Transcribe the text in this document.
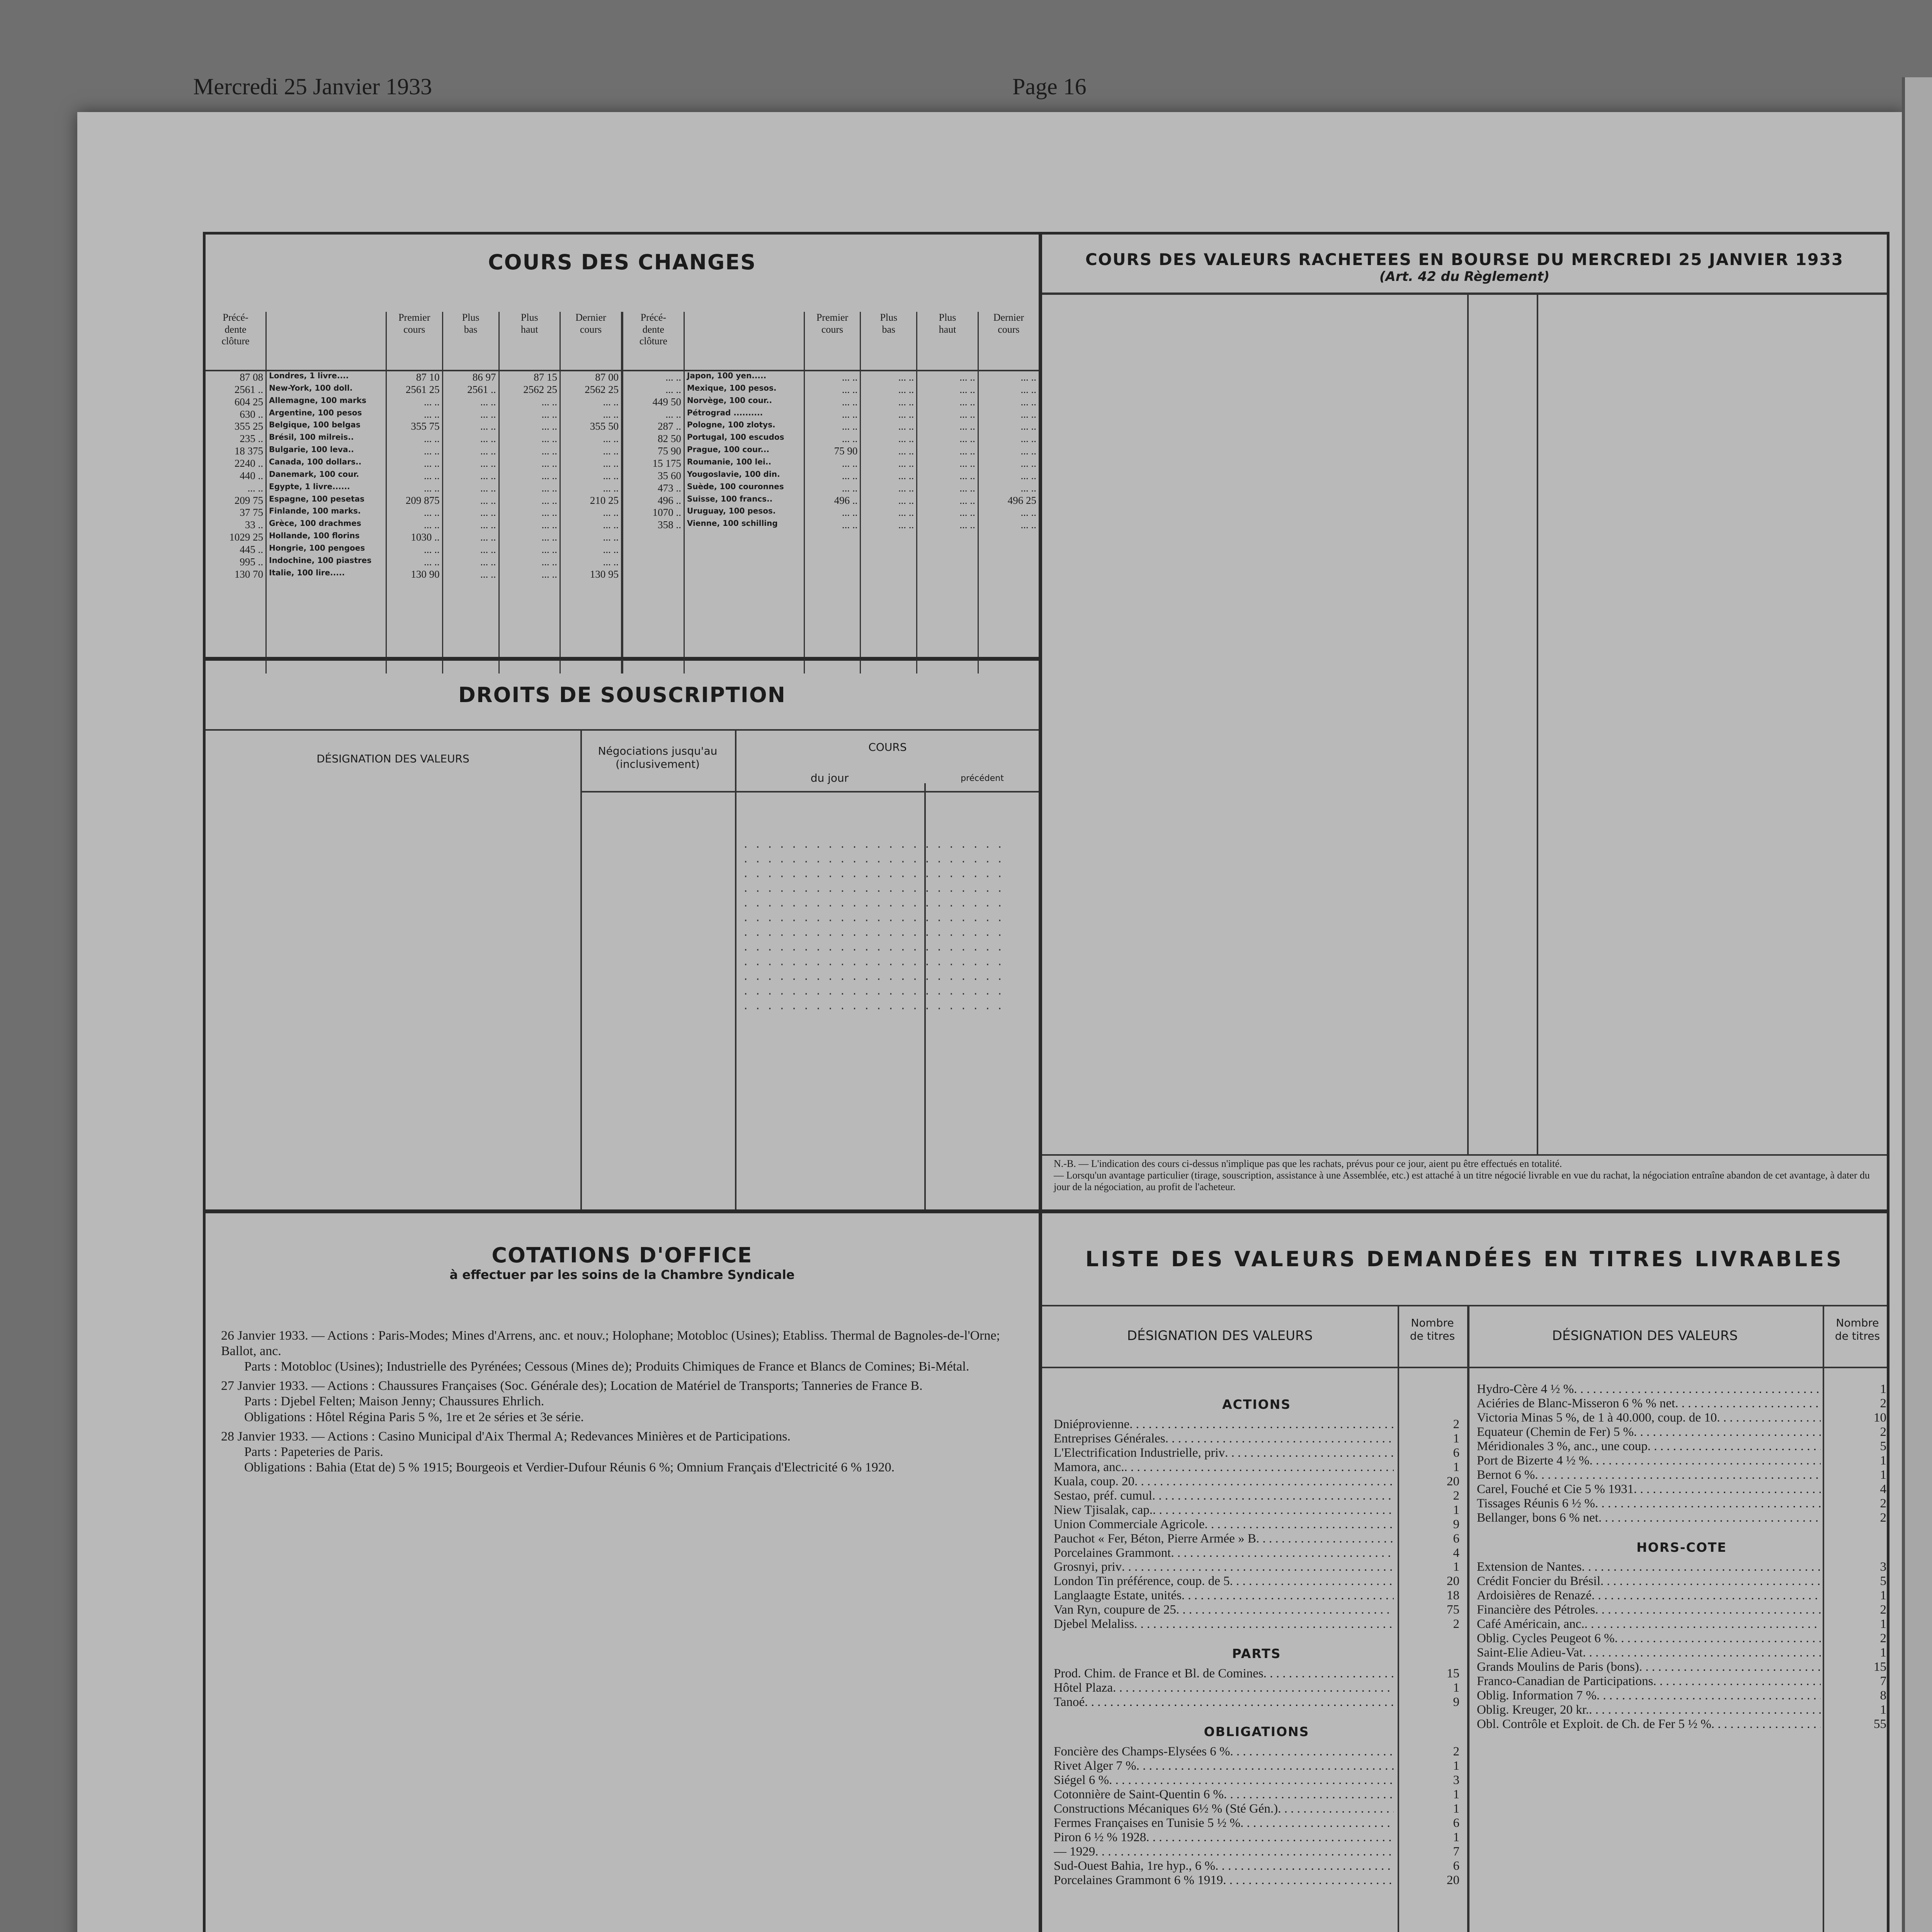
Mercredi 25 Janvier 1933	Page 16
COURS DES CHANGES
Précé-
dente
clôture		Premier
cours	Plus
bas	Plus
haut	Dernier
cours	Précé-
dente
clôture		Premier
cours	Plus
bas	Plus
haut	Dernier
cours
87 08	Londres, 1 livre....	87 10	86 97	87 15	87 00	... ..	Japon, 100 yen.....	... ..	... ..	... ..	... ..
2561 ..	New-York, 100 doll.	2561 25	2561 ..	2562 25	2562 25	... ..	Mexique, 100 pesos.	... ..	... ..	... ..	... ..
604 25	Allemagne, 100 marks	... ..	... ..	... ..	... ..	449 50	Norvège, 100 cour..	... ..	... ..	... ..	... ..
630 ..	Argentine, 100 pesos	... ..	... ..	... ..	... ..	... ..	Pétrograd ..........	... ..	... ..	... ..	... ..
355 25	Belgique, 100 belgas	355 75	... ..	... ..	355 50	287 ..	Pologne, 100 zlotys.	... ..	... ..	... ..	... ..
235 ..	Brésil, 100 milreis..	... ..	... ..	... ..	... ..	82 50	Portugal, 100 escudos	... ..	... ..	... ..	... ..
18 375	Bulgarie, 100 leva..	... ..	... ..	... ..	... ..	75 90	Prague, 100 cour...	75 90	... ..	... ..	... ..
2240 ..	Canada, 100 dollars..	... ..	... ..	... ..	... ..	15 175	Roumanie, 100 lei..	... ..	... ..	... ..	... ..
440 ..	Danemark, 100 cour.	... ..	... ..	... ..	... ..	35 60	Yougoslavie, 100 din.	... ..	... ..	... ..	... ..
... ..	Egypte, 1 livre......	... ..	... ..	... ..	... ..	473 ..	Suède, 100 couronnes	... ..	... ..	... ..	... ..
209 75	Espagne, 100 pesetas	209 875	... ..	... ..	210 25	496 ..	Suisse, 100 francs..	496 ..	... ..	... ..	496 25
37 75	Finlande, 100 marks.	... ..	... ..	... ..	... ..	1070 ..	Uruguay, 100 pesos.	... ..	... ..	... ..	... ..
33 ..	Grèce, 100 drachmes	... ..	... ..	... ..	... ..	358 ..	Vienne, 100 schilling	... ..	... ..	... ..	... ..
1029 25	Hollande, 100 florins	1030 ..	... ..	... ..	... ..						
445 ..	Hongrie, 100 pengoes	... ..	... ..	... ..	... ..						
995 ..	Indochine, 100 piastres	... ..	... ..	... ..	... ..						
130 70	Italie, 100 lire.....	130 90	... ..	... ..	130 95						

DROITS DE SOUSCRIPTION
DÉSIGNATION DES VALEURS
Négociations jusqu'au
(inclusivement)
COURS
du jour	précédent
. . . . . . . . . . . . . . . . . . . . . .
. . . . . . . . . . . . . . . . . . . . . .
. . . . . . . . . . . . . . . . . . . . . .
. . . . . . . . . . . . . . . . . . . . . .
. . . . . . . . . . . . . . . . . . . . . .
. . . . . . . . . . . . . . . . . . . . . .
. . . . . . . . . . . . . . . . . . . . . .
. . . . . . . . . . . . . . . . . . . . . .
. . . . . . . . . . . . . . . . . . . . . .
. . . . . . . . . . . . . . . . . . . . . .
. . . . . . . . . . . . . . . . . . . . . .
. . . . . . . . . . . . . . . . . . . . . .
COURS DES VALEURS RACHETEES EN BOURSE DU MERCREDI 25 JANVIER 1933
(Art. 42 du Règlement)
N.-B. — L'indication des cours ci-dessus n'implique pas que les rachats, prévus pour ce jour, aient pu être effectués en totalité.
— Lorsqu'un avantage particulier (tirage, souscription, assistance à une Assemblée, etc.) est attaché à un titre négocié livrable en vue du rachat, la négociation entraîne abandon de cet avantage, à dater du jour de la négociation, au profit de l'acheteur.
COTATIONS D'OFFICE
à effectuer par les soins de la Chambre Syndicale
26 Janvier 1933. — Actions : Paris-Modes; Mines d'Arrens, anc. et nouv.; Holophane; Motobloc (Usines); Etabliss. Thermal de Bagnoles-de-l'Orne; Ballot, anc.
Parts : Motobloc (Usines); Industrielle des Pyrénées; Cessous (Mines de); Produits Chimiques de France et Blancs de Comines; Bi-Métal.
27 Janvier 1933. — Actions : Chaussures Françaises (Soc. Générale des); Location de Matériel de Transports; Tanneries de France B.
Parts : Djebel Felten; Maison Jenny; Chaussures Ehrlich.
Obligations : Hôtel Régina Paris 5 %, 1re et 2e séries et 3e série.
28 Janvier 1933. — Actions : Casino Municipal d'Aix Thermal A; Redevances Minières et de Participations.
Parts : Papeteries de Paris.
Obligations : Bahia (Etat de) 5 % 1915; Bourgeois et Verdier-Dufour Réunis 6 %; Omnium Français d'Electricité 6 % 1920.
LISTE DES VALEURS DEMANDÉES EN TITRES LIVRABLES
DÉSIGNATION DES VALEURS
Nombre
de titres	DÉSIGNATION DES VALEURS
Nombre
de titres
ACTIONS
Dniéprovienne . . .	2
Entreprises Générales . . .	1
L'Electrification Industrielle, priv . . .	6
Mamora, anc. . . .	1
Kuala, coup. 20 . . .	20
Sestao, préf. cumul . . .	2
Niew Tjisalak, cap. . . .	1
Union Commerciale Agricole . . .	9
Pauchot « Fer, Béton, Pierre Armée » B . . .	6
Porcelaines Grammont . . .	4
Grosnyi, priv . . .	1
London Tin préférence, coup. de 5 . . .	20
Langlaagte Estate, unités . . .	18
Van Ryn, coupure de 25 . . .	75
Djebel Melaliss . . .	2
PARTS
Prod. Chim. de France et Bl. de Comines . . .	15
Hôtel Plaza . . .	1
Tanoé . . .	9
OBLIGATIONS
Foncière des Champs-Elysées 6 % . . .	2
Rivet Alger 7 % . . .	1
Siégel 6 % . . .	3
Cotonnière de Saint-Quentin 6 % . . .	1
Constructions Mécaniques 6½ % (Sté Gén.) . . .	1
Fermes Françaises en Tunisie 5 ½ % . . .	6
Piron 6 ½ % 1928 . . .	1
— 1929 . . .	7
Sud-Ouest Bahia, 1re hyp., 6 % . . .	6
Porcelaines Grammont 6 % 1919 . . .	20
Hydro-Cère 4 ½ % . . .	1
Aciéries de Blanc-Misseron 6 % % net . . .	2
Victoria Minas 5 %, de 1 à 40.000, coup. de 10 . . .	10
Equateur (Chemin de Fer) 5 % . . .	2
Méridionales 3 %, anc., une coup . . .	5
Port de Bizerte 4 ½ % . . .	1
Bernot 6 % . . .	1
Carel, Fouché et Cie 5 % 1931 . . .	4
Tissages Réunis 6 ½ % . . .	2
Bellanger, bons 6 % net . . .	2
HORS-COTE
Extension de Nantes . . .	3
Crédit Foncier du Brésil . . .	5
Ardoisières de Renazé . . .	1
Financière des Pétroles . . .	2
Café Américain, anc. . . .	1
Oblig. Cycles Peugeot 6 % . . .	2
Saint-Elie Adieu-Vat . . .	1
Grands Moulins de Paris (bons) . . .	15
Franco-Canadian de Participations . . .	7
Oblig. Information 7 % . . .	8
Oblig. Kreuger, 20 kr. . . .	1
Obl. Contrôle et Exploit. de Ch. de Fer 5 ½ % . . .	55
